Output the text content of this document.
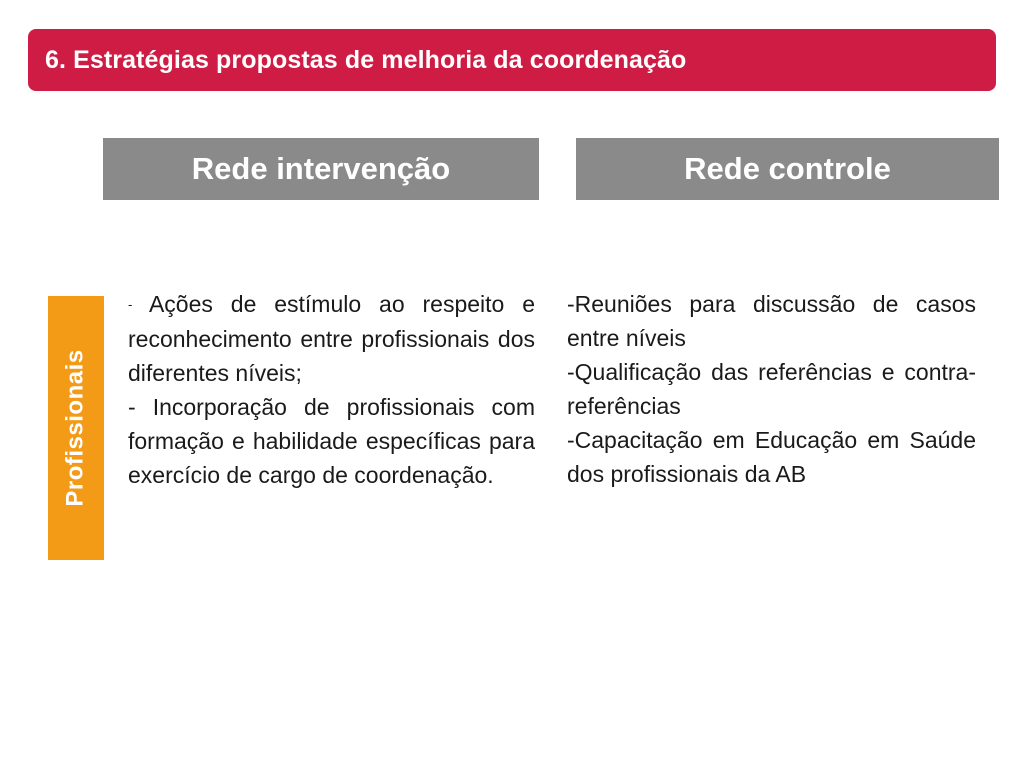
6. Estratégias propostas de melhoria da coordenação
Rede intervenção	Rede controle
Profissionais

- Ações de estímulo ao respeito e reconhecimento entre profissionais dos diferentes níveis;

- Incorporação de profissionais com formação e habilidade específicas para exercício de cargo de coordenação.

-Reuniões para discussão de casos entre níveis

-Qualificação das referências e contra-referências

-Capacitação em Educação em Saúde dos profissionais da AB
